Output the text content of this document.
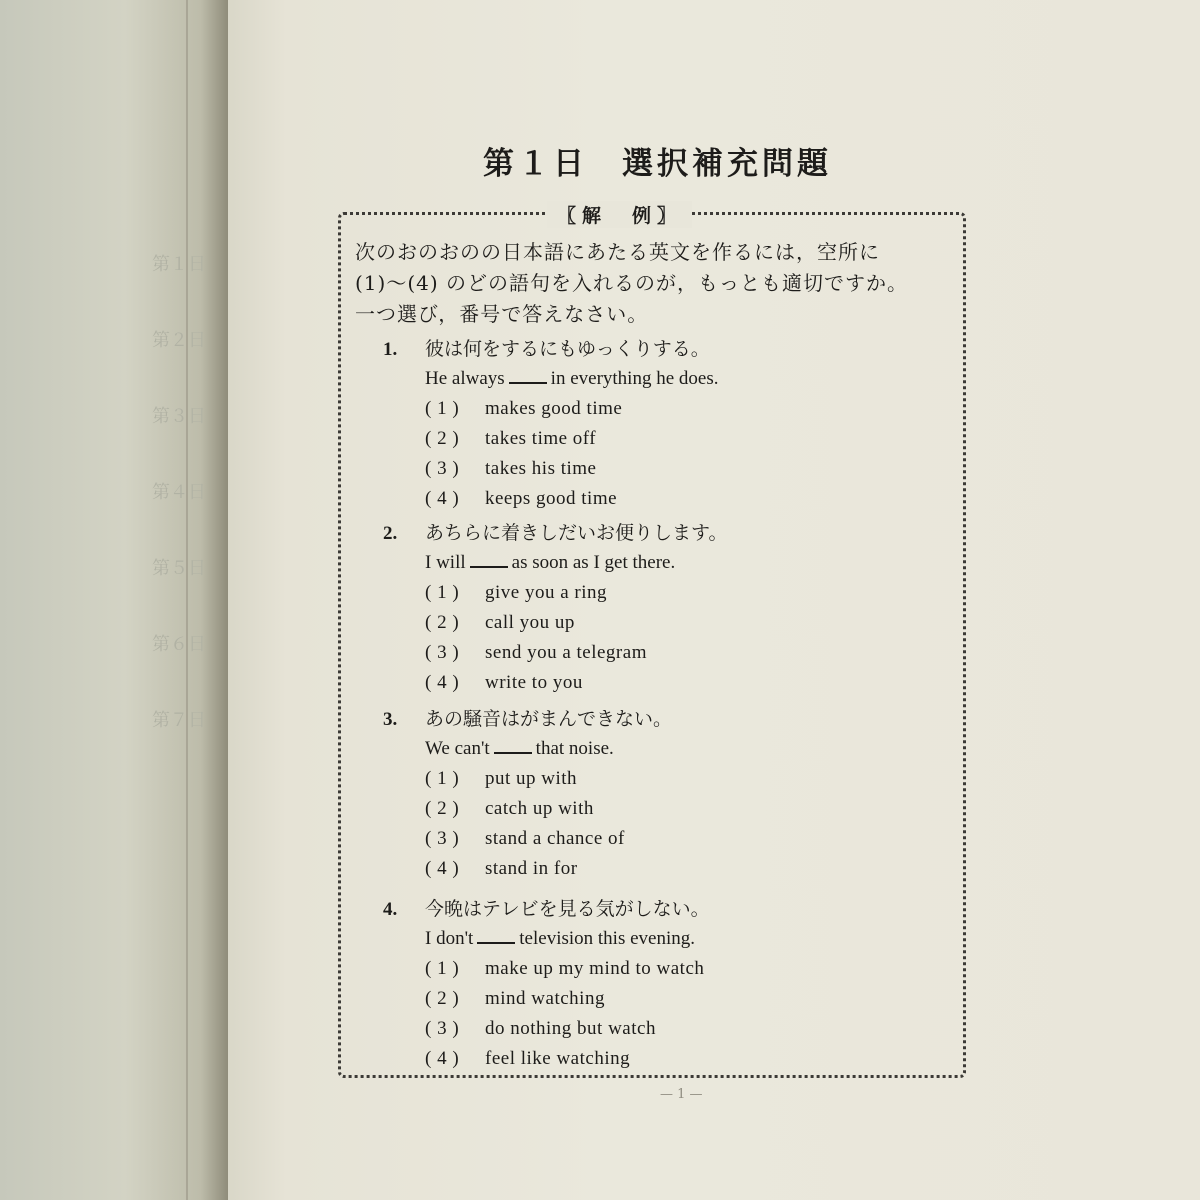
第１日
第２日
第３日
第４日
第５日
第６日
第７日
第１日 選択補充問題
〖解　例〗
次のおのおのの日本語にあたる英文を作るには，空所に
(1)～(4) のどの語句を入れるのが，もっとも適切ですか。
一つ選び，番号で答えなさい。
1. 彼は何をするにもゆっくりする。
He always in everything he does.
( 1 ) makes good time
( 2 ) takes time off
( 3 ) takes his time
( 4 ) keeps good time
2. あちらに着きしだいお便りします。
I will as soon as I get there.
( 1 ) give you a ring
( 2 ) call you up
( 3 ) send you a telegram
( 4 ) write to you
3. あの騒音はがまんできない。
We can't that noise.
( 1 ) put up with
( 2 ) catch up with
( 3 ) stand a chance of
( 4 ) stand in for
4. 今晩はテレビを見る気がしない。
I don't television this evening.
( 1 ) make up my mind to watch
( 2 ) mind watching
( 3 ) do nothing but watch
( 4 ) feel like watching
— 1 —
